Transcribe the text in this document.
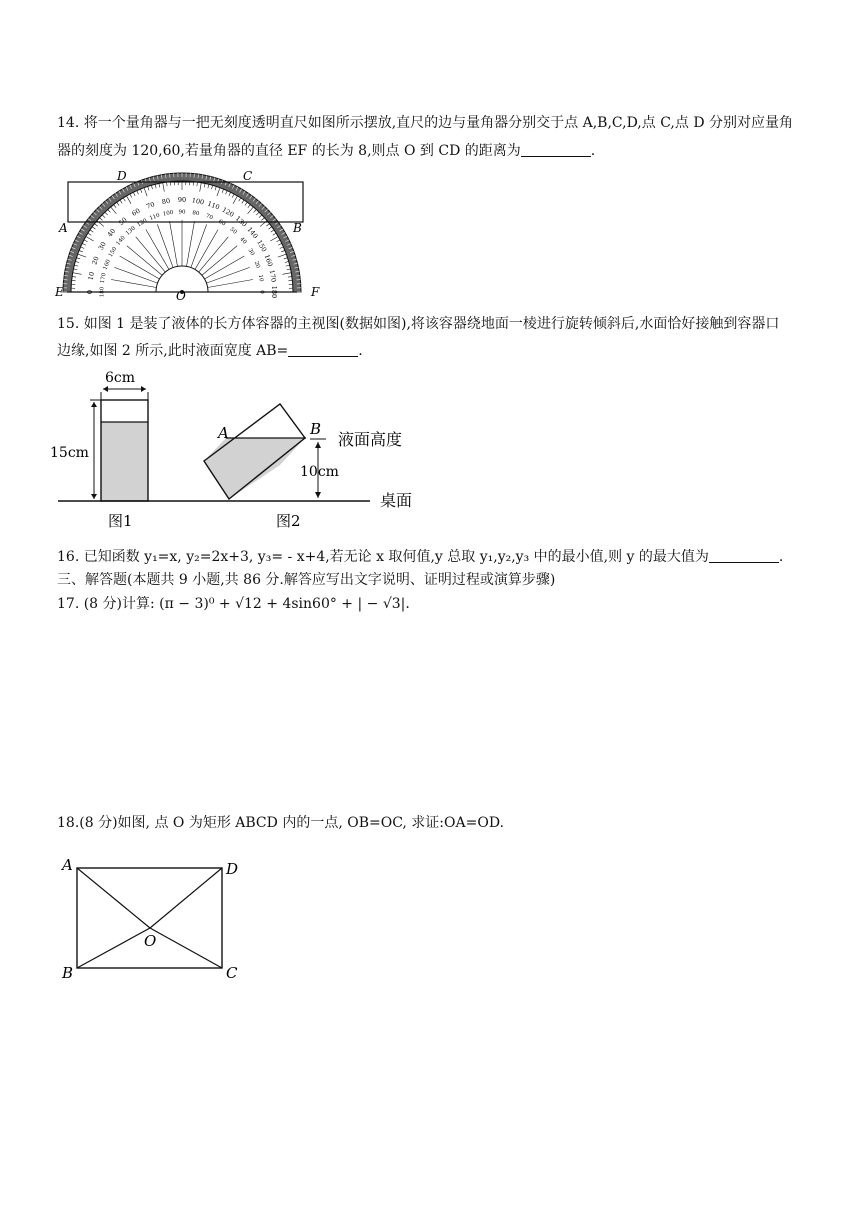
14. 将一个量角器与一把无刻度透明直尺如图所示摆放,直尺的边与量角器分别交于点 A,B,C,D,点 C,点 D 分别对应量角
器的刻度为 120,60,若量角器的直径 EF 的长为 8,则点 O 到 CD 的距离为	.
0
10
20
30
40
50
60
70 80 90 100 110
120
130
140
150
160
170
180
180
170
160
150
140
130
120
110 100 90 80 70
60
50
40
30
20
10
0
D	C
A	B
E	F
O
15. 如图 1 是装了液体的长方体容器的主视图(数据如图),将该容器绕地面一棱进行旋转倾斜后,水面恰好接触到容器口
边缘,如图 2 所示,此时液面宽度 AB=	.
6cm
15cm
桌面
A	B
液面高度
10cm
图1	图2
16. 已知函数 y₁=x, y₂=2x+3, y₃= - x+4,若无论 x 取何值,y 总取 y₁,y₂,y₃ 中的最小值,则 y 的最大值为	.
三、解答题(本题共 9 小题,共 86 分.解答应写出文字说明、证明过程或演算步骤)
17. (8 分)计算: (π − 3)⁰ + √12 + 4sin60° + | − √3|.
18.(8 分)如图, 点 O 为矩形 ABCD 内的一点, OB=OC, 求证:OA=OD.
A	D
B	C
O
